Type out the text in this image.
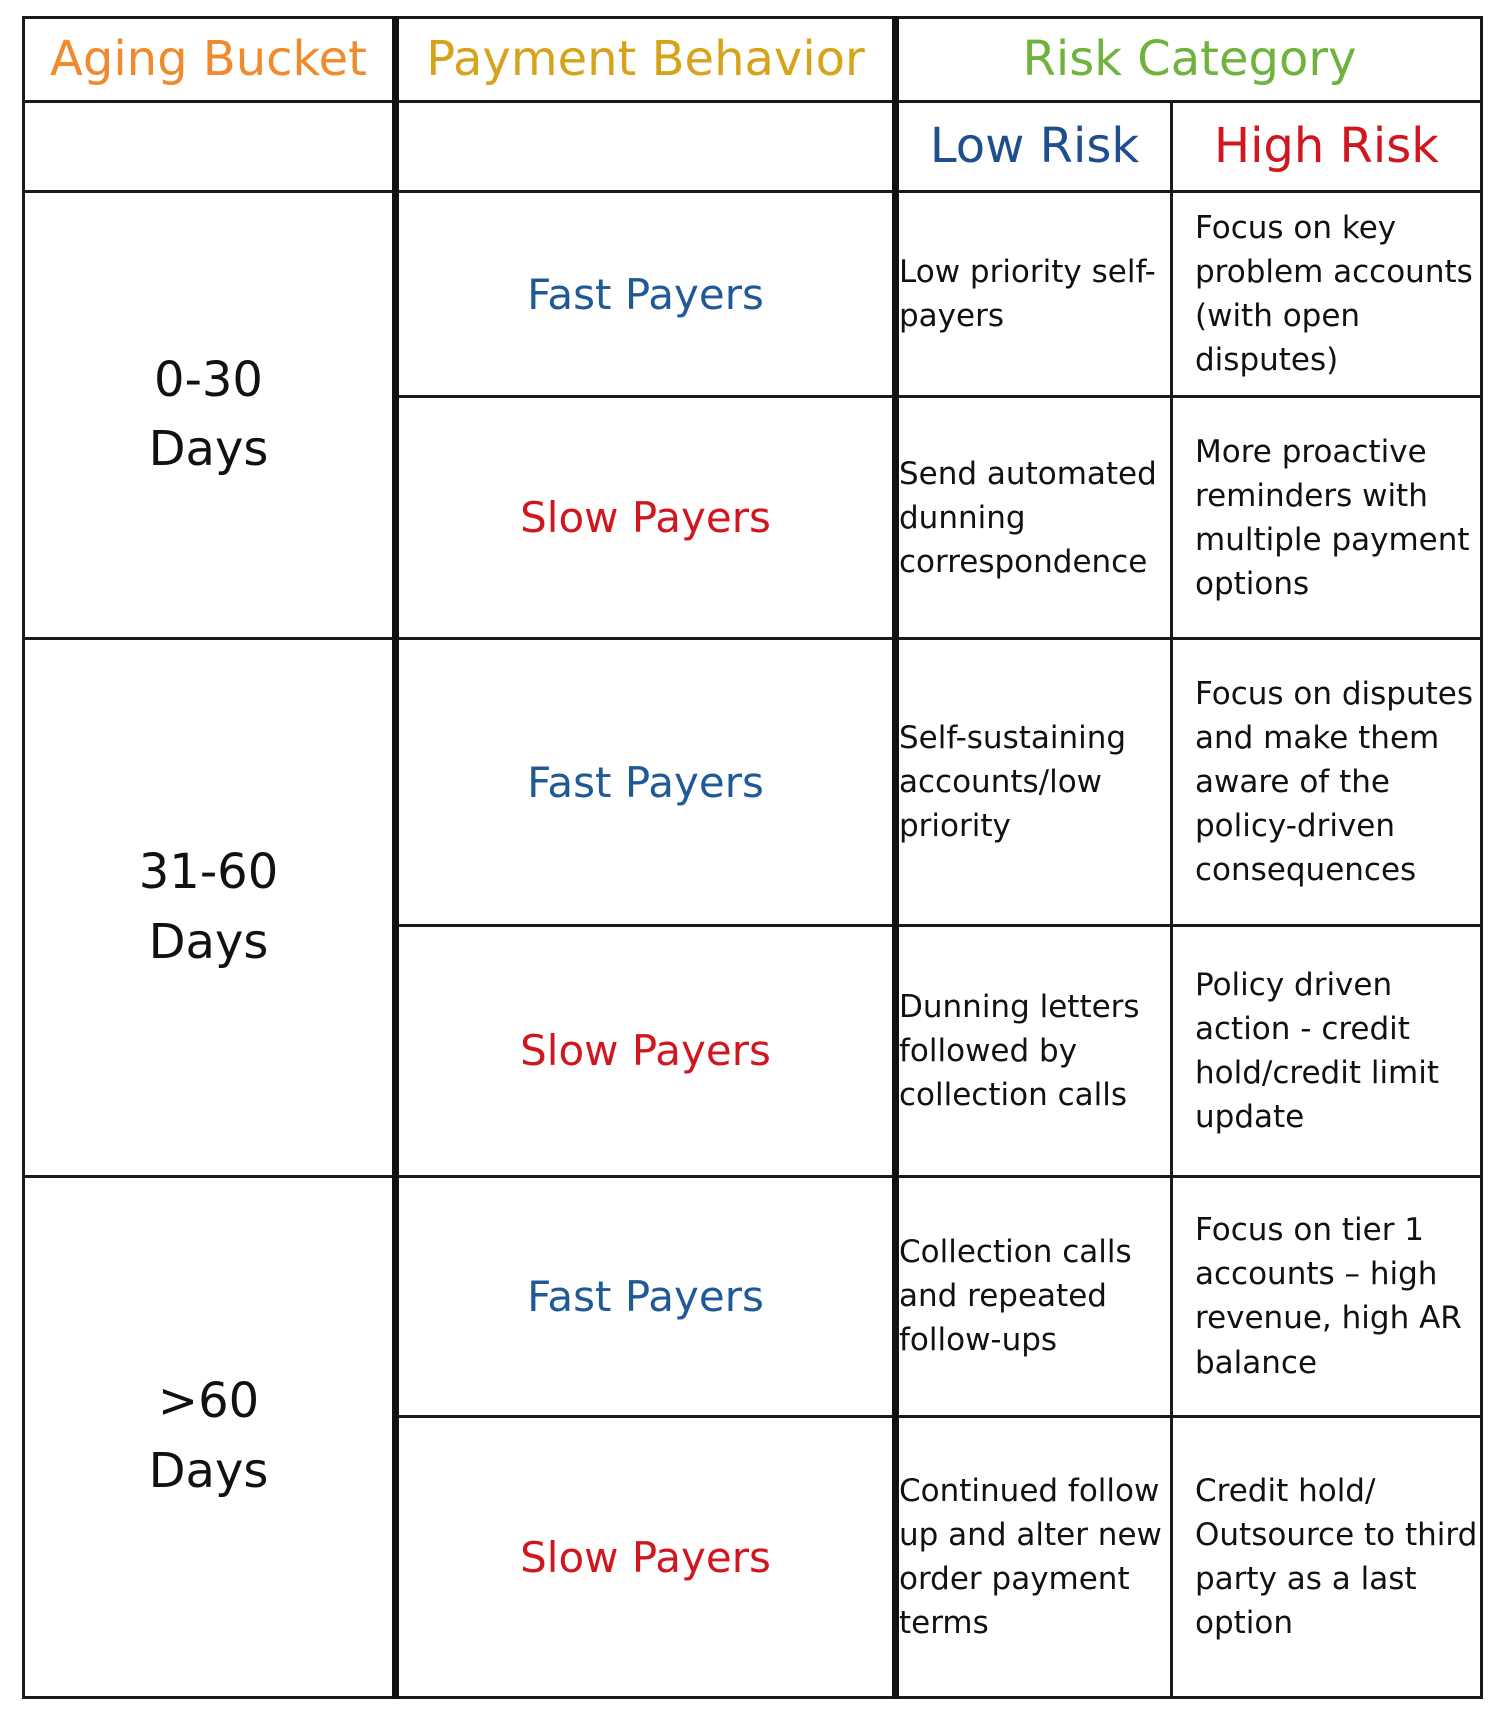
Aging Bucket	Payment Behavior	Risk Category	
		Low Risk	High Risk
0-30
Days	Fast Payers	Low priority self-payers	Focus on key problem accounts (with open disputes)
	Slow Payers	Send automated dunning correspondence	More proactive reminders with multiple payment options
31-60
Days	Fast Payers	Self-sustaining accounts/low priority	Focus on disputes and make them aware of the policy-driven consequences
	Slow Payers	Dunning letters followed by collection calls	Policy driven action - credit hold/credit limit update
>60
Days	Fast Payers	Collection calls and repeated follow-ups	Focus on tier 1 accounts – high revenue, high AR balance
	Slow Payers	Continued follow up and alter new order payment terms	Credit hold/ Outsource to third party as a last option
